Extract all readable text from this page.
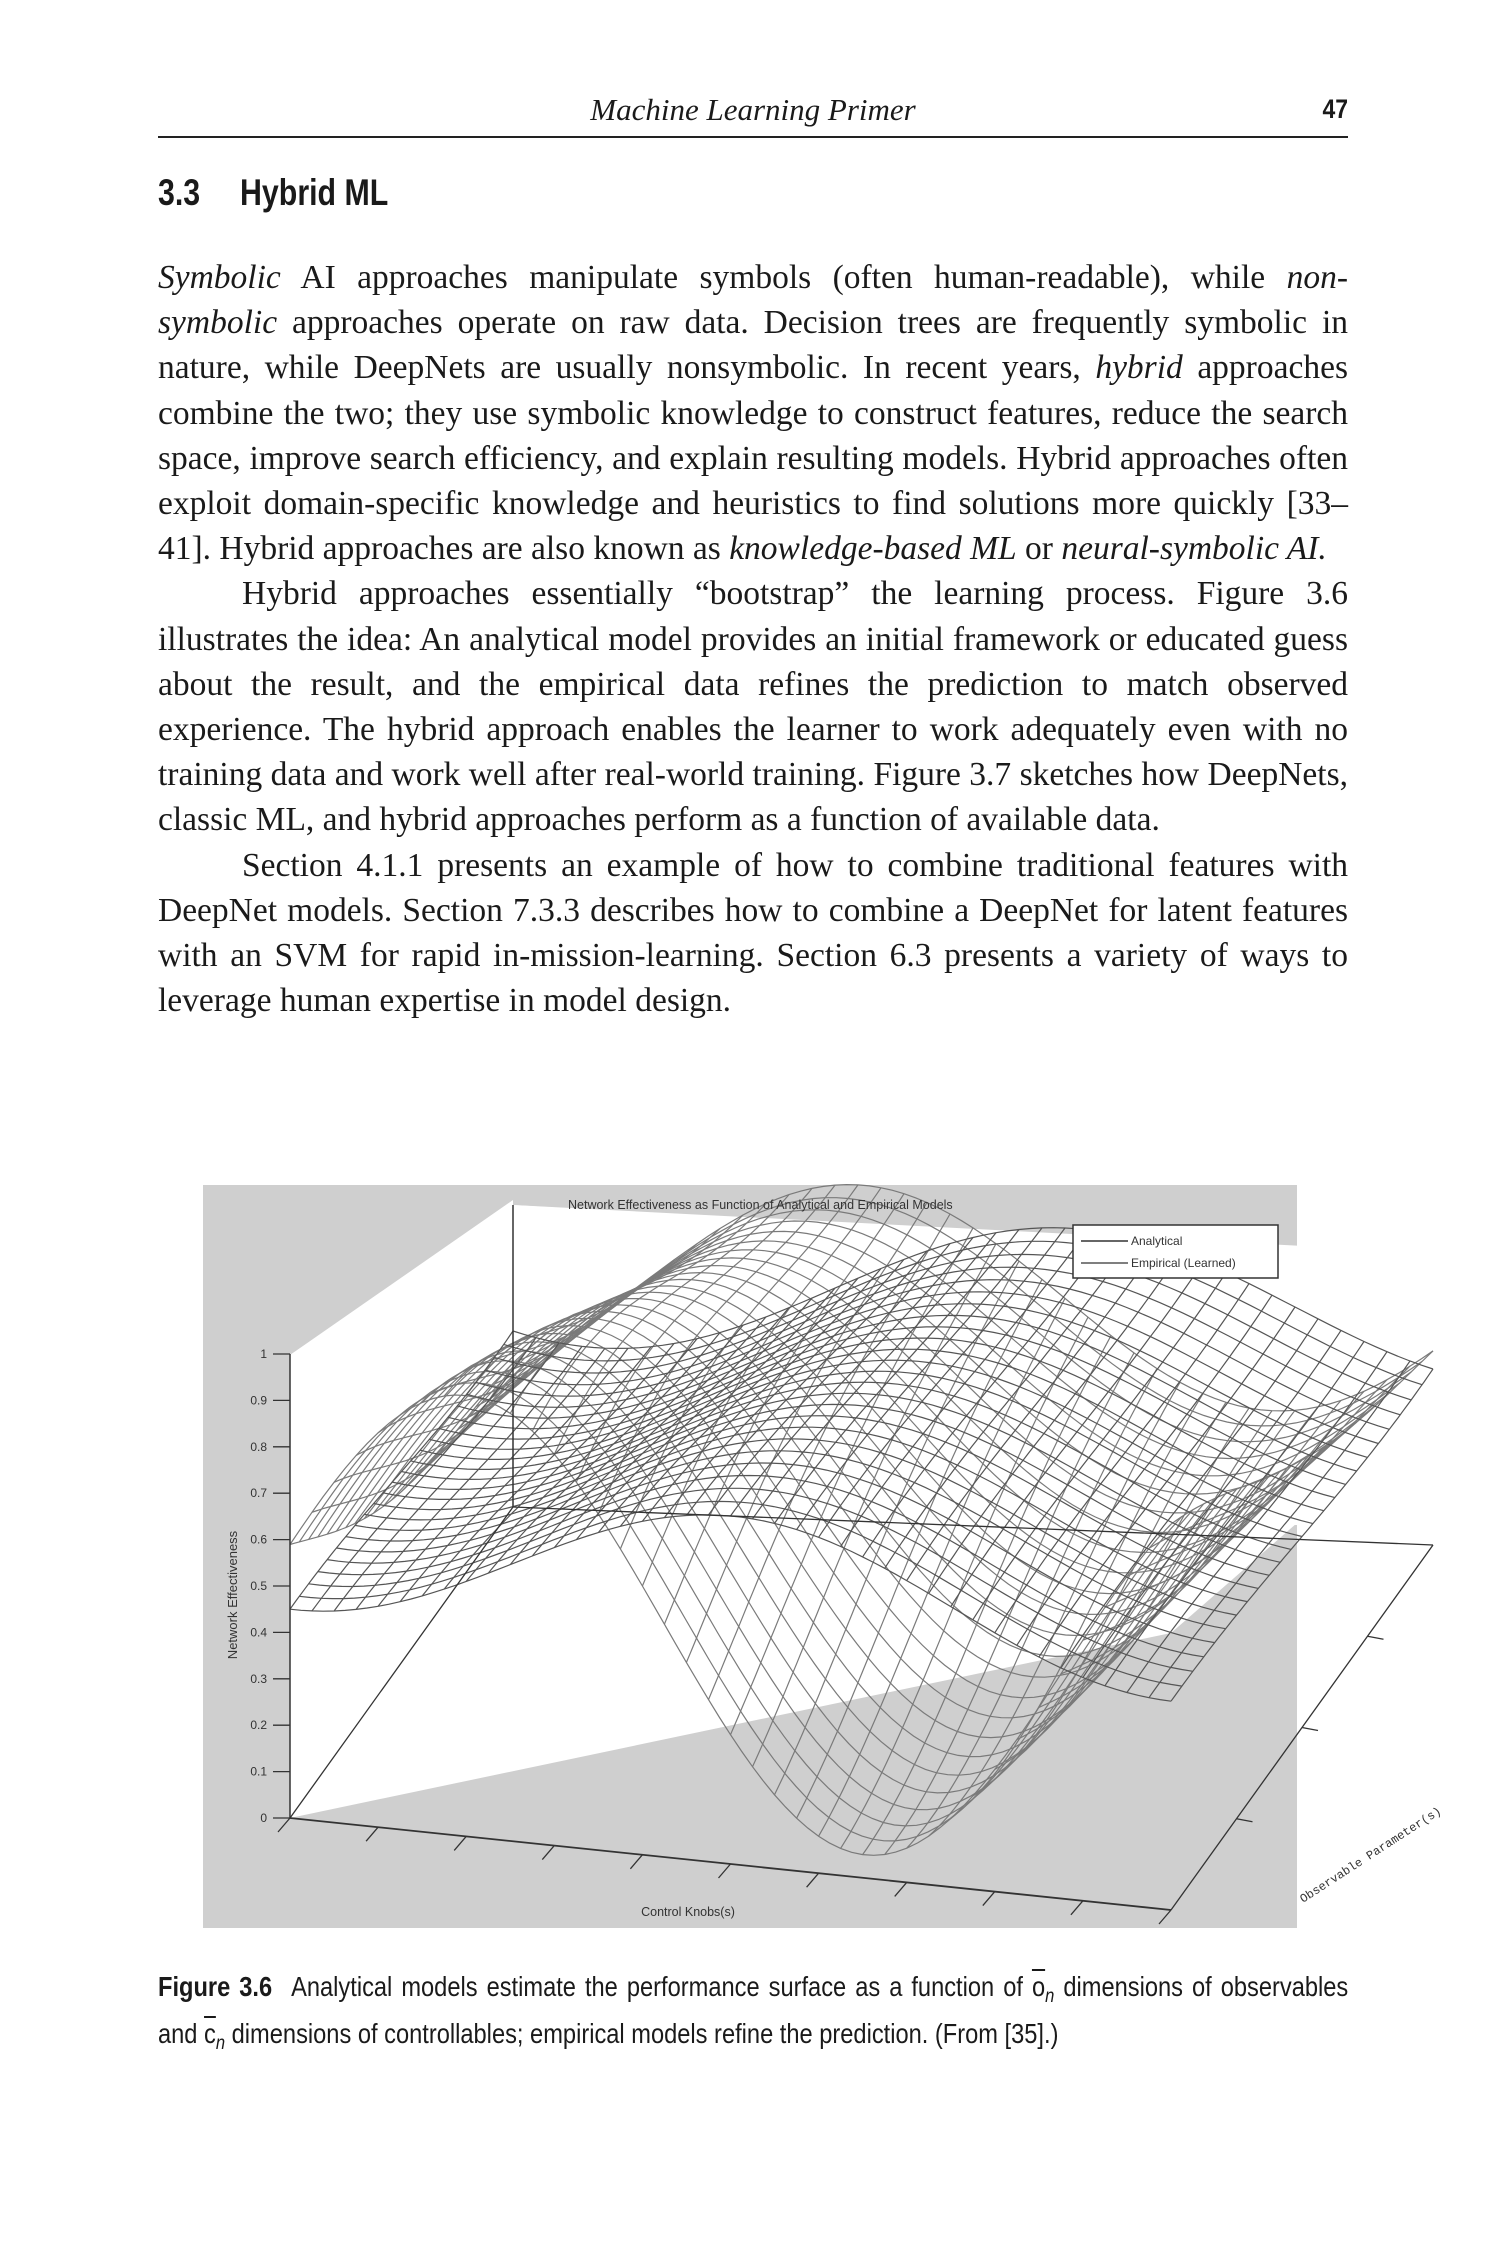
Machine Learning Primer	47
3.3 Hybrid ML

Symbolic AI approaches manipulate symbols (often human-readable), while non-symbolic approaches operate on raw data. Decision trees are frequently symbolic in nature, while DeepNets are usually nonsymbolic. In recent years, hybrid approaches combine the two; they use symbolic knowledge to construct features, reduce the search space, improve search efficiency, and explain resulting models. Hybrid approaches often exploit domain-specific knowledge and heuristics to find solutions more quickly [33–41]. Hybrid approaches are also known as knowledge-based ML or neural-symbolic AI.

Hybrid approaches essentially “bootstrap” the learning process. Figure 3.6 illustrates the idea: An analytical model provides an initial framework or educated guess about the result, and the empirical data refines the prediction to match observed experience. The hybrid approach enables the learner to work adequately even with no training data and work well after real-world training. Figure 3.7 sketches how DeepNets, classic ML, and hybrid approaches perform as a function of available data.

Section 4.1.1 presents an example of how to combine traditional features with DeepNet models. Section 7.3.3 describes how to combine a DeepNet for latent features with an SVM for rapid in-mission-learning. Section 6.3 presents a variety of ways to leverage human expertise in model design.

0
0.1
0.2
0.3
0.4
0.5
0.6
0.7
0.8
0.9
1
Network Effectiveness as Function of Analytical and Empirical Models
Network Effectiveness
Control Knobs(s)
Observable Parameter(s)
Analytical
Empirical (Learned)
Figure 3.6 Analytical models estimate the performance surface as a function of $\overline{o}_n$ dimensions of observables and $\overline{c}_n$ dimensions of controllables; empirical models refine the prediction. (From [35].)
